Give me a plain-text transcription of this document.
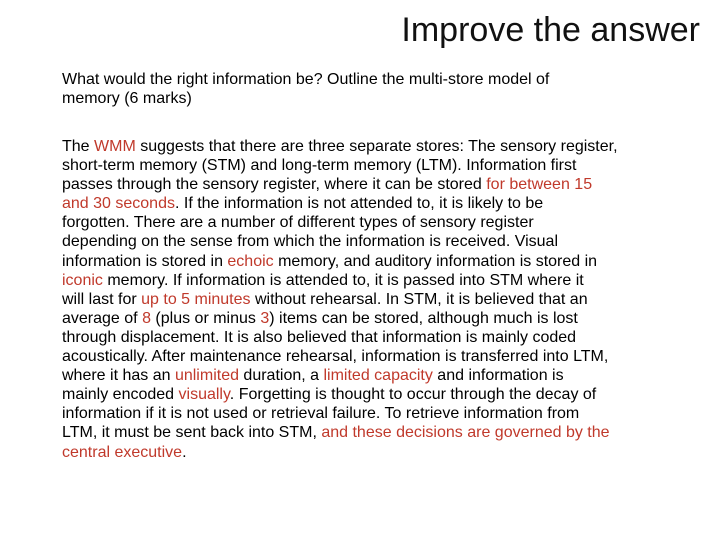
Improve the answer
What would the right information be? Outline the multi-store model of
memory (6 marks)
The WMM suggests that there are three separate stores: The sensory register,
short-term memory (STM) and long-term memory (LTM). Information first
passes through the sensory register, where it can be stored for between 15
and 30 seconds. If the information is not attended to, it is likely to be
forgotten. There are a number of different types of sensory register
depending on the sense from which the information is received. Visual
information is stored in echoic memory, and auditory information is stored in
iconic memory. If information is attended to, it is passed into STM where it
will last for up to 5 minutes without rehearsal. In STM, it is believed that an
average of 8 (plus or minus 3) items can be stored, although much is lost
through displacement. It is also believed that information is mainly coded
acoustically. After maintenance rehearsal, information is transferred into LTM,
where it has an unlimited duration, a limited capacity and information is
mainly encoded visually. Forgetting is thought to occur through the decay of
information if it is not used or retrieval failure. To retrieve information from
LTM, it must be sent back into STM, and these decisions are governed by the
central executive.
